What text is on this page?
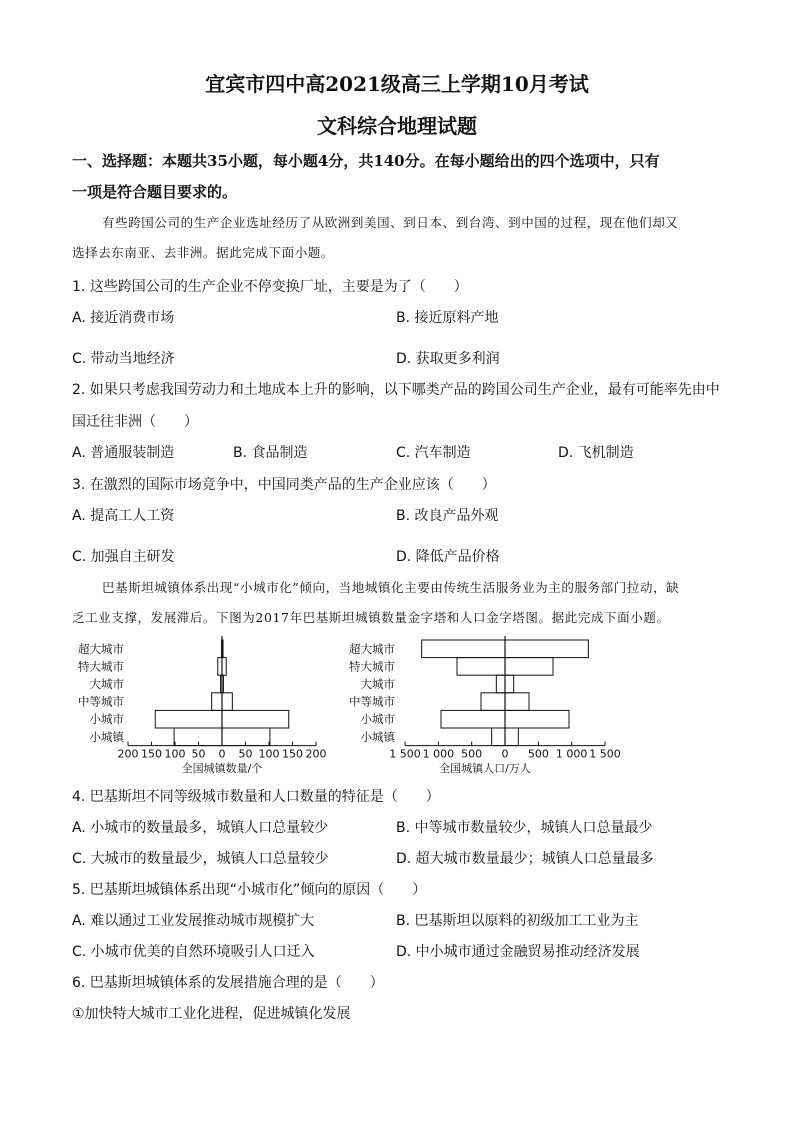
宜宾市四中高2021级高三上学期10月考试
文科综合地理试题
一、选择题：本题共35小题，每小题4分，共140分。在每小题给出的四个选项中，只有
一项是符合题目要求的。
有些跨国公司的生产企业选址经历了从欧洲到美国、到日本、到台湾、到中国的过程，现在他们却又
选择去东南亚、去非洲。据此完成下面小题。
1. 这些跨国公司的生产企业不停变换厂址，主要是为了（　　）
A. 接近消费市场	B. 接近原料产地
C. 带动当地经济	D. 获取更多利润
2. 如果只考虑我国劳动力和土地成本上升的影响，以下哪类产品的跨国公司生产企业，最有可能率先由中
国迁往非洲（　　）
A. 普通服装制造	B. 食品制造	C. 汽车制造	D. 飞机制造
3. 在激烈的国际市场竞争中，中国同类产品的生产企业应该（　　）
A. 提高工人工资	B. 改良产品外观
C. 加强自主研发	D. 降低产品价格
巴基斯坦城镇体系出现“小城市化”倾向，当地城镇化主要由传统生活服务业为主的服务部门拉动，缺
乏工业支撑，发展滞后。下图为2017年巴基斯坦城镇数量金字塔和人口金字塔图。据此完成下面小题。
超大城市
特大城市
大城市
中等城市
小城市
小城镇
200 150 100 50 0 50 100 150 200
全国城镇数量/个
超大城市
特大城市
大城市
中等城市
小城市
小城镇
1 500 1 000 500 0 500 1 000 1 500
全国城镇人口/万人
4. 巴基斯坦不同等级城市数量和人口数量的特征是（　　）
A. 小城市的数量最多，城镇人口总量较少	B. 中等城市数量较少，城镇人口总量最少
C. 大城市的数量最少，城镇人口总量较少	D. 超大城市数量最少；城镇人口总量最多
5. 巴基斯坦城镇体系出现“小城市化”倾向的原因（　　）
A. 难以通过工业发展推动城市规模扩大	B. 巴基斯坦以原料的初级加工工业为主
C. 小城市优美的自然环境吸引人口迁入	D. 中小城市通过金融贸易推动经济发展
6. 巴基斯坦城镇体系的发展措施合理的是（　　）
①加快特大城市工业化进程，促进城镇化发展
